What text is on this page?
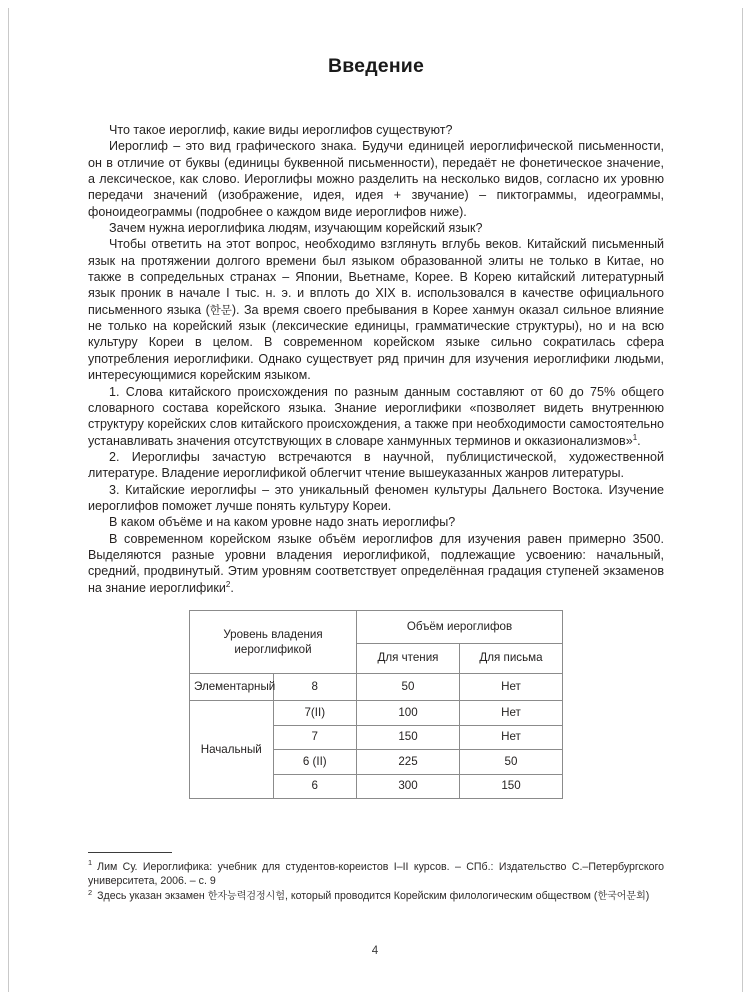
Введение

Что такое иероглиф, какие виды иероглифов существуют?

Иероглиф – это вид графического знака. Будучи единицей иероглифической письменности, он в отличие от буквы (единицы буквенной письменности), передаёт не фонетическое значение, а лексическое, как слово. Иероглифы можно разделить на несколько видов, согласно их уровню передачи значений (изображение, идея, идея + звучание) – пиктограммы, идеограммы, фоноидеограммы (подробнее о каждом виде иероглифов ниже).

Зачем нужна иероглифика людям, изучающим корейский язык?

Чтобы ответить на этот вопрос, необходимо взглянуть вглубь веков. Китайский письменный язык на протяжении долгого времени был языком образованной элиты не только в Китае, но также в сопредельных странах – Японии, Вьетнаме, Корее. В Корею китайский литературный язык проник в начале I тыс. н. э. и вплоть до XIX в. использовался в качестве официального письменного языка (한문). За время своего пребывания в Корее ханмун оказал сильное влияние не только на корейский язык (лексические единицы, грамматические структуры), но и на всю культуру Кореи в целом. В современном корейском языке сильно сократилась сфера употребления иероглифики. Однако существует ряд причин для изучения иероглифики людьми, интересующимися корейским языком.

1. Слова китайского происхождения по разным данным составляют от 60 до 75% общего словарного состава корейского языка. Знание иероглифики «позволяет видеть внутреннюю структуру корейских слов китайского происхождения, а также при необходимости самостоятельно устанавливать значения отсутствующих в словаре ханмунных терминов и окказионализмов»$^1$.

2. Иероглифы зачастую встречаются в научной, публицистической, художественной литературе. Владение иероглификой облегчит чтение вышеуказанных жанров литературы.

3. Китайские иероглифы – это уникальный феномен культуры Дальнего Востока. Изучение иероглифов поможет лучше понять культуру Кореи.

В каком объёме и на каком уровне надо знать иероглифы?

В современном корейском языке объём иероглифов для изучения равен примерно 3500. Выделяются разные уровни владения иероглификой, подлежащие усвоению: начальный, средний, продвинутый. Этим уровням соответствует определённая градация ступеней экзаменов на знание иероглифики$^2$.

Уровень владения иероглификой		Объём иероглифов	
		Для чтения	Для письма
Элементарный	8	50	Нет
Начальный	7(II)	100	Нет
	7	150	Нет
	6 (II)	225	50
	6	300	150

$^1$ Лим Су. Иероглифика: учебник для студентов-кореистов I–II курсов. – СПб.: Издательство С.–Петербургского университета, 2006. – с. 9

$^2$ Здесь указан экзамен 한자능력검정시험, который проводится Корейским филологическим обществом (한국어문회)

4
